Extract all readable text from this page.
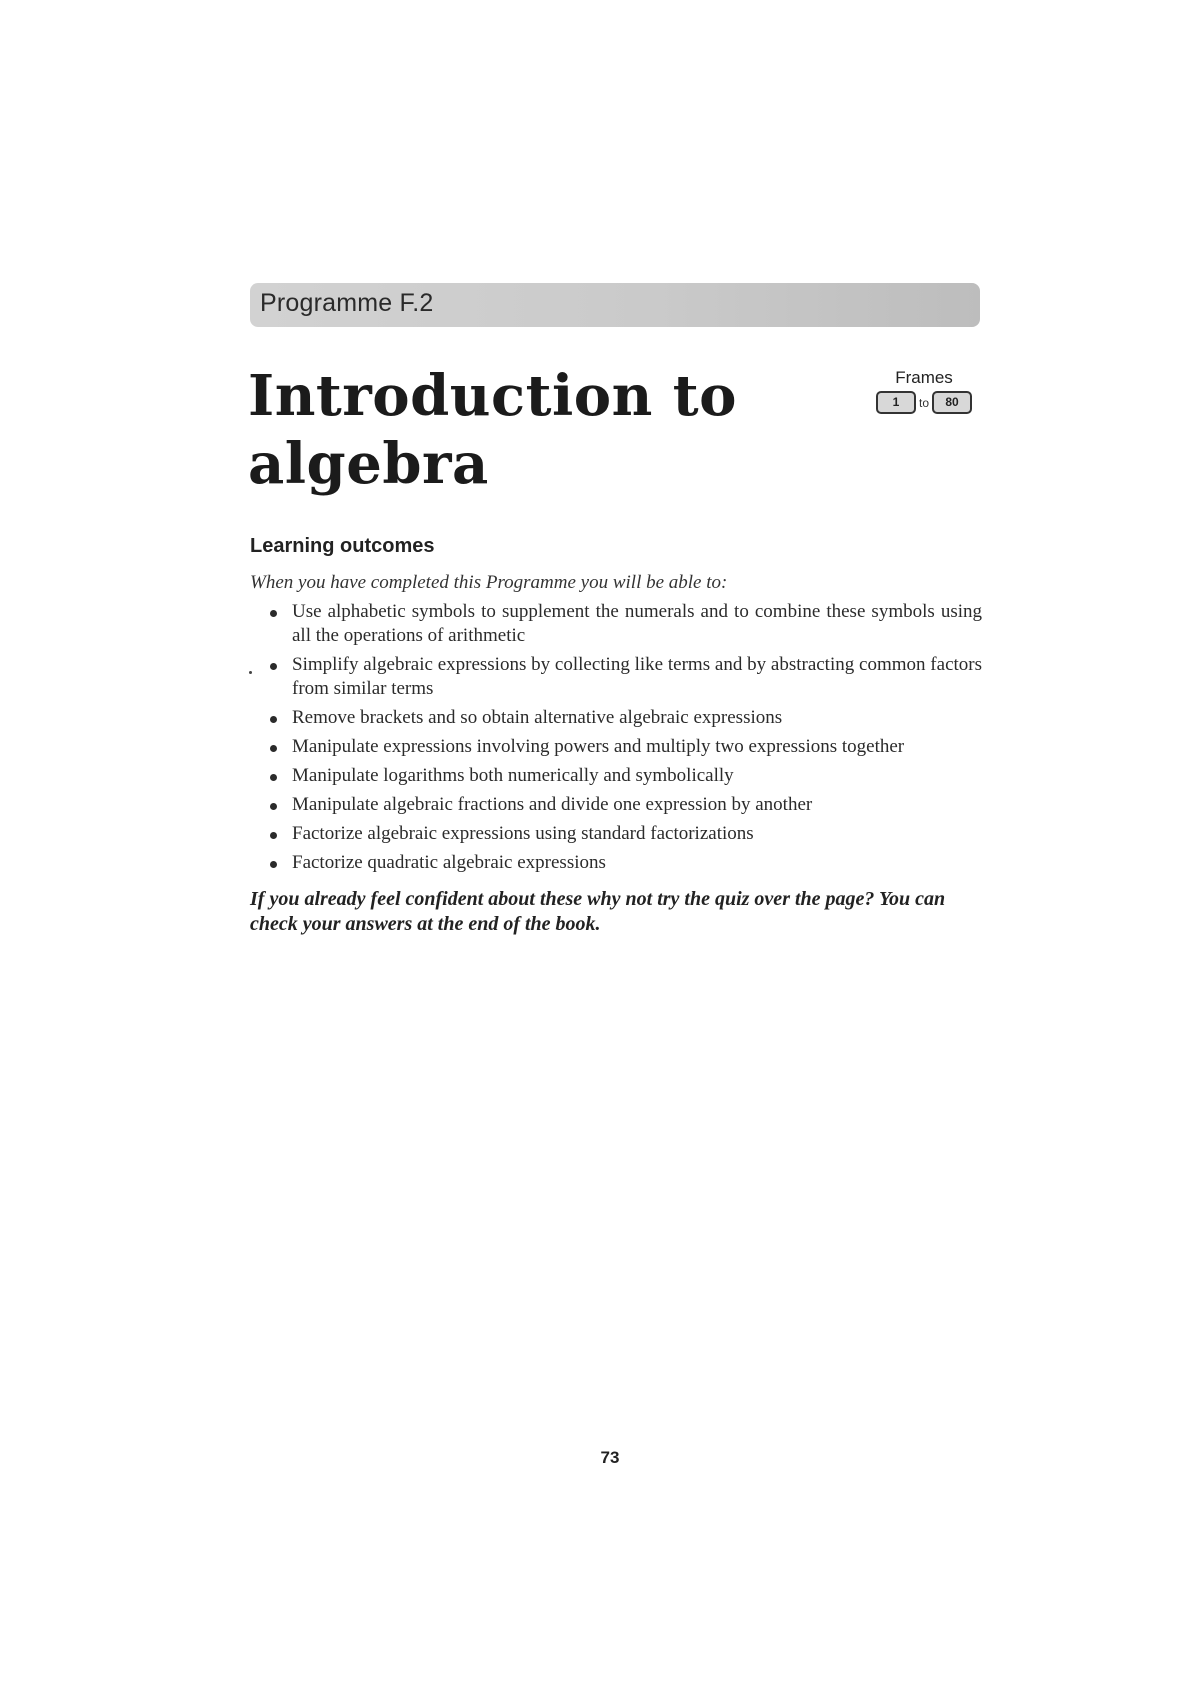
Programme F.2
Introduction to
algebra
Frames
1	to	80
Learning outcomes

When you have completed this Programme you will be able to:

Use alphabetic symbols to supplement the numerals and to combine these symbols using all the operations of arithmetic
Simplify algebraic expressions by collecting like terms and by abstracting common factors from similar terms
Remove brackets and so obtain alternative algebraic expressions
Manipulate expressions involving powers and multiply two expressions together
Manipulate logarithms both numerically and symbolically
Manipulate algebraic fractions and divide one expression by another
Factorize algebraic expressions using standard factorizations
Factorize quadratic algebraic expressions

If you already feel confident about these why not try the quiz over the page? You can check your answers at the end of the book.

73
